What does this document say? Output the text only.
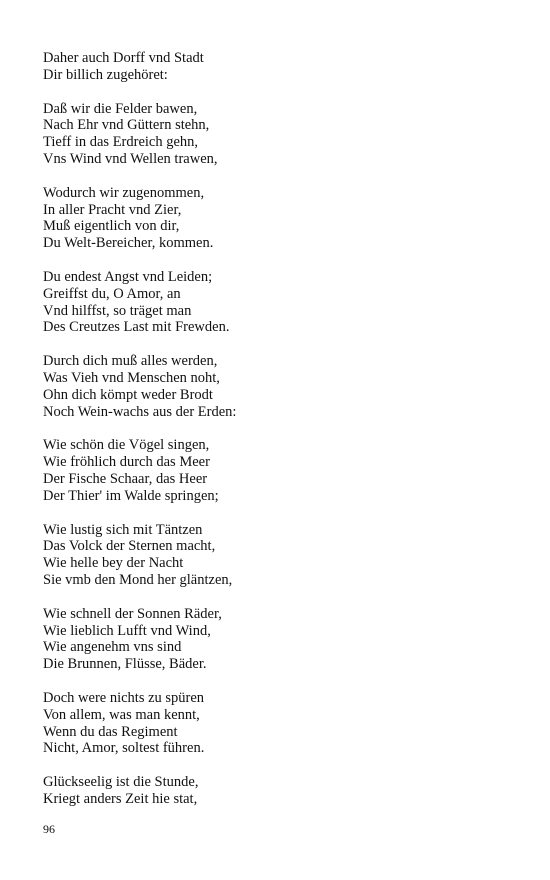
Daher auch Dorff vnd Stadt
Dir billich zugehöret:
Daß wir die Felder bawen,
Nach Ehr vnd Güttern stehn,
Tieff in das Erdreich gehn,
Vns Wind vnd Wellen trawen,
Wodurch wir zugenommen,
In aller Pracht vnd Zier,
Muß eigentlich von dir,
Du Welt-Bereicher, kommen.
Du endest Angst vnd Leiden;
Greiffst du, O Amor, an
Vnd hilffst, so träget man
Des Creutzes Last mit Frewden.
Durch dich muß alles werden,
Was Vieh vnd Menschen noht,
Ohn dich kömpt weder Brodt
Noch Wein-wachs aus der Erden:
Wie schön die Vögel singen,
Wie fröhlich durch das Meer
Der Fische Schaar, das Heer
Der Thier' im Walde springen;
Wie lustig sich mit Täntzen
Das Volck der Sternen macht,
Wie helle bey der Nacht
Sie vmb den Mond her gläntzen,
Wie schnell der Sonnen Räder,
Wie lieblich Lufft vnd Wind,
Wie angenehm vns sind
Die Brunnen, Flüsse, Bäder.
Doch were nichts zu spüren
Von allem, was man kennt,
Wenn du das Regiment
Nicht, Amor, soltest führen.
Glückseelig ist die Stunde,
Kriegt anders Zeit hie stat,
96
